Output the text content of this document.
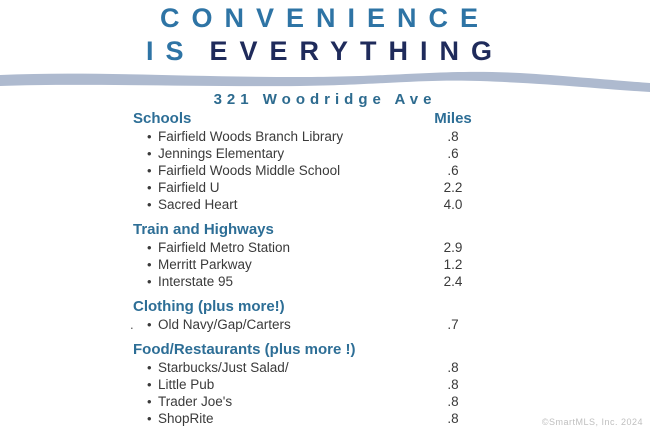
CONVENIENCE
IS EVERYTHING
321 Woodridge Ave
Schools	Miles
• Fairfield Woods Branch Library	.8
• Jennings Elementary	.6
• Fairfield Woods Middle School	.6
• Fairfield U	2.2
• Sacred Heart	4.0
Train and Highways
• Fairfield Metro Station	2.9
• Merritt Parkway	1.2
• Interstate 95	2.4
Clothing (plus more!)
• Old Navy/Gap/Carters	.7
Food/Restaurants (plus more !)
• Starbucks/Just Salad/	.8
• Little Pub	.8
• Trader Joe's	.8
• ShopRite	.8
.
©SmartMLS, Inc. 2024
